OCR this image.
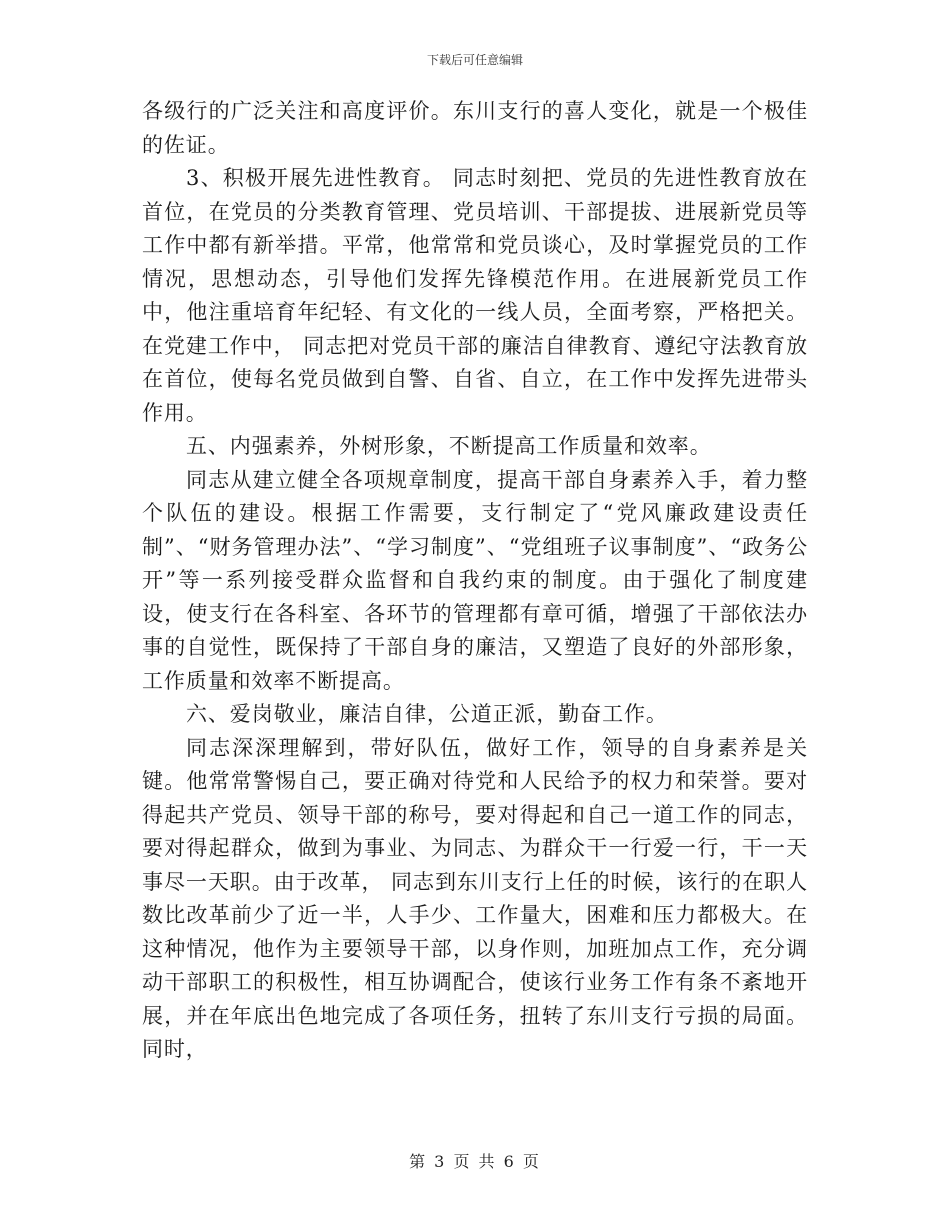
下载后可任意编辑

各级行的广泛关注和高度评价。东川支行的喜人变化，就是一个极佳的佐证。

3、积极开展先进性教育。 同志时刻把、党员的先进性教育放在首位，在党员的分类教育管理、党员培训、干部提拔、进展新党员等工作中都有新举措。平常，他常常和党员谈心，及时掌握党员的工作情况，思想动态，引导他们发挥先锋模范作用。在进展新党员工作中，他注重培育年纪轻、有文化的一线人员，全面考察，严格把关。在党建工作中， 同志把对党员干部的廉洁自律教育、遵纪守法教育放在首位，使每名党员做到自警、自省、自立，在工作中发挥先进带头作用。

五、内强素养，外树形象，不断提高工作质量和效率。

同志从建立健全各项规章制度，提高干部自身素养入手，着力整个队伍的建设。根据工作需要，支行制定了“党风廉政建设责任制”、“财务管理办法”、“学习制度”、“党组班子议事制度”、“政务公开”等一系列接受群众监督和自我约束的制度。由于强化了制度建设，使支行在各科室、各环节的管理都有章可循，增强了干部依法办事的自觉性，既保持了干部自身的廉洁，又塑造了良好的外部形象，工作质量和效率不断提高。

六、爱岗敬业，廉洁自律，公道正派，勤奋工作。

同志深深理解到，带好队伍，做好工作，领导的自身素养是关键。他常常警惕自己，要正确对待党和人民给予的权力和荣誉。要对得起共产党员、领导干部的称号，要对得起和自己一道工作的同志，要对得起群众，做到为事业、为同志、为群众干一行爱一行，干一天事尽一天职。由于改革， 同志到东川支行上任的时候，该行的在职人数比改革前少了近一半，人手少、工作量大，困难和压力都极大。在这种情况，他作为主要领导干部，以身作则，加班加点工作，充分调动干部职工的积极性，相互协调配合，使该行业务工作有条不紊地开展，并在年底出色地完成了各项任务，扭转了东川支行亏损的局面。同时，

第 3 页 共 6 页
